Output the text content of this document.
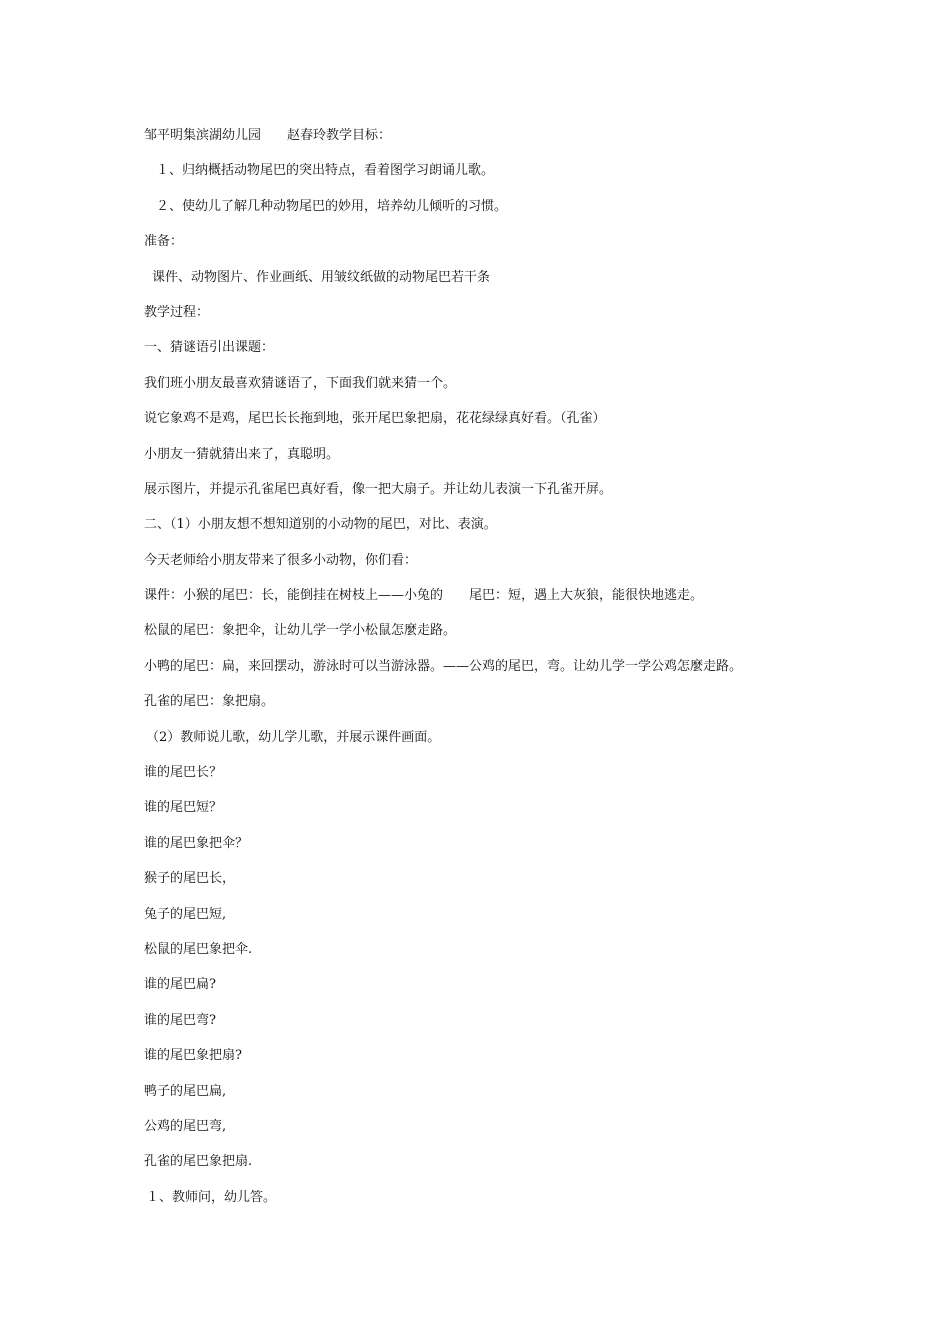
邹平明集滨湖幼儿园　　赵春玲教学目标：
１、归纳概括动物尾巴的突出特点，看着图学习朗诵儿歌。
２、使幼儿了解几种动物尾巴的妙用，培养幼儿倾听的习惯。
准备：
课件、动物图片、作业画纸、用皱纹纸做的动物尾巴若干条
教学过程：
一、猜谜语引出课题：
我们班小朋友最喜欢猜谜语了，下面我们就来猜一个。
说它象鸡不是鸡，尾巴长长拖到地，张开尾巴象把扇，花花绿绿真好看。（孔雀）
小朋友一猜就猜出来了，真聪明。
展示图片，并提示孔雀尾巴真好看，像一把大扇子。并让幼儿表演一下孔雀开屏。
二、（1）小朋友想不想知道别的小动物的尾巴，对比、表演。
今天老师给小朋友带来了很多小动物，你们看：
课件：小猴的尾巴：长，能倒挂在树枝上——小兔的　　尾巴：短，遇上大灰狼，能很快地逃走。
松鼠的尾巴：象把伞，让幼儿学一学小松鼠怎麼走路。
小鸭的尾巴：扁，来回摆动，游泳时可以当游泳器。——公鸡的尾巴，弯。让幼儿学一学公鸡怎麼走路。
孔雀的尾巴：象把扇。
（2）教师说儿歌，幼儿学儿歌，并展示课件画面。
谁的尾巴长？
谁的尾巴短？
谁的尾巴象把伞？
猴子的尾巴长，
兔子的尾巴短,
松鼠的尾巴象把伞.
谁的尾巴扁?
谁的尾巴弯?
谁的尾巴象把扇?
鸭子的尾巴扁,
公鸡的尾巴弯,
孔雀的尾巴象把扇.
１、教师问，幼儿答。
